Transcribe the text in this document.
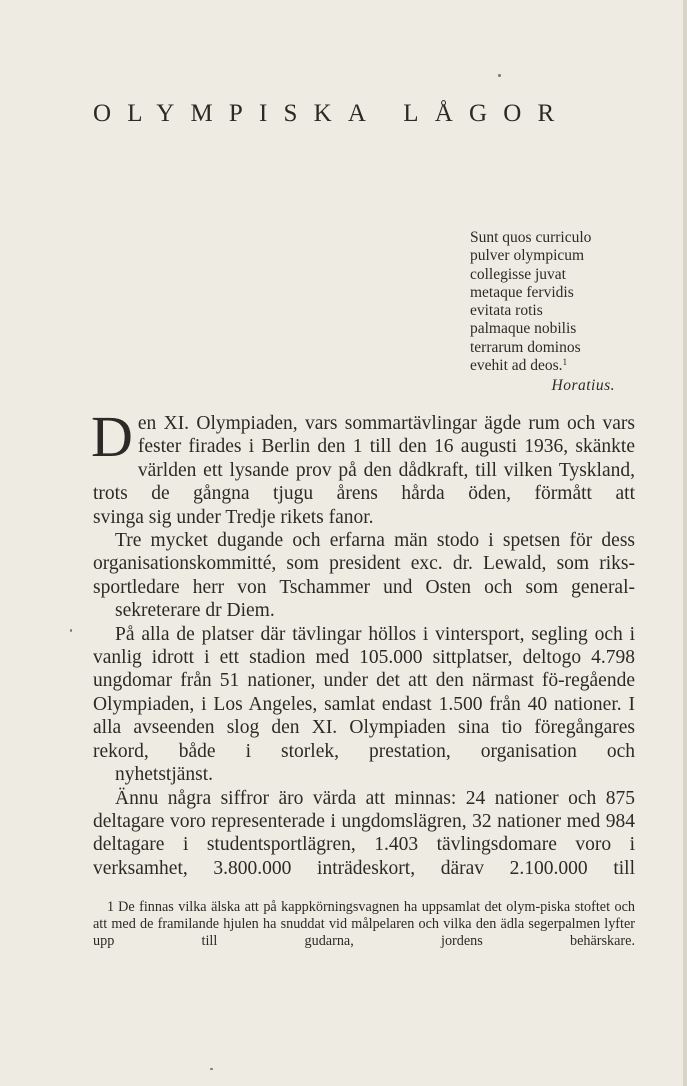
OLYMPISKA LÅGOR
Sunt quos curriculo
pulver olympicum
collegisse juvat
metaque fervidis
evitata rotis
palmaque nobilis
terrarum dominos
evehit ad deos.$^1$
Horatius.

D en XI. Olympiaden, vars sommartävlingar ägde rum och vars fester firades i Berlin den 1 till den 16 augusti 1936, skänkte världen ett lysande prov på den dådkraft, till vilken Tyskland, trots de gångna tjugu årens hårda öden, förmått att
svinga sig under Tredje rikets fanor.

Tre mycket dugande och erfarna män stodo i spetsen för dess organisationskommitté, som president exc. dr. Lewald, som riks-sportledare herr von Tschammer und Osten och som general-
sekreterare dr Diem.

På alla de platser där tävlingar höllos i vintersport, segling och i vanlig idrott i ett stadion med 105.000 sittplatser, deltogo 4.798 ungdomar från 51 nationer, under det att den närmast fö-regående Olympiaden, i Los Angeles, samlat endast 1.500 från 40 nationer. I alla avseenden slog den XI. Olympiaden sina tio föregångares rekord, både i storlek, prestation, organisation och
nyhetstjänst.

Ännu några siffror äro värda att minnas: 24 nationer och 875 deltagare voro representerade i ungdomslägren, 32 nationer med 984 deltagare i studentsportlägren, 1.403 tävlingsdomare voro i verksamhet, 3.800.000 inträdeskort, därav 2.100.000 till

1 De finnas vilka älska att på kappkörningsvagnen ha uppsamlat det olym-piska stoftet och att med de framilande hjulen ha snuddat vid målpelaren och vilka den ädla segerpalmen lyfter upp till gudarna, jordens behärskare.
